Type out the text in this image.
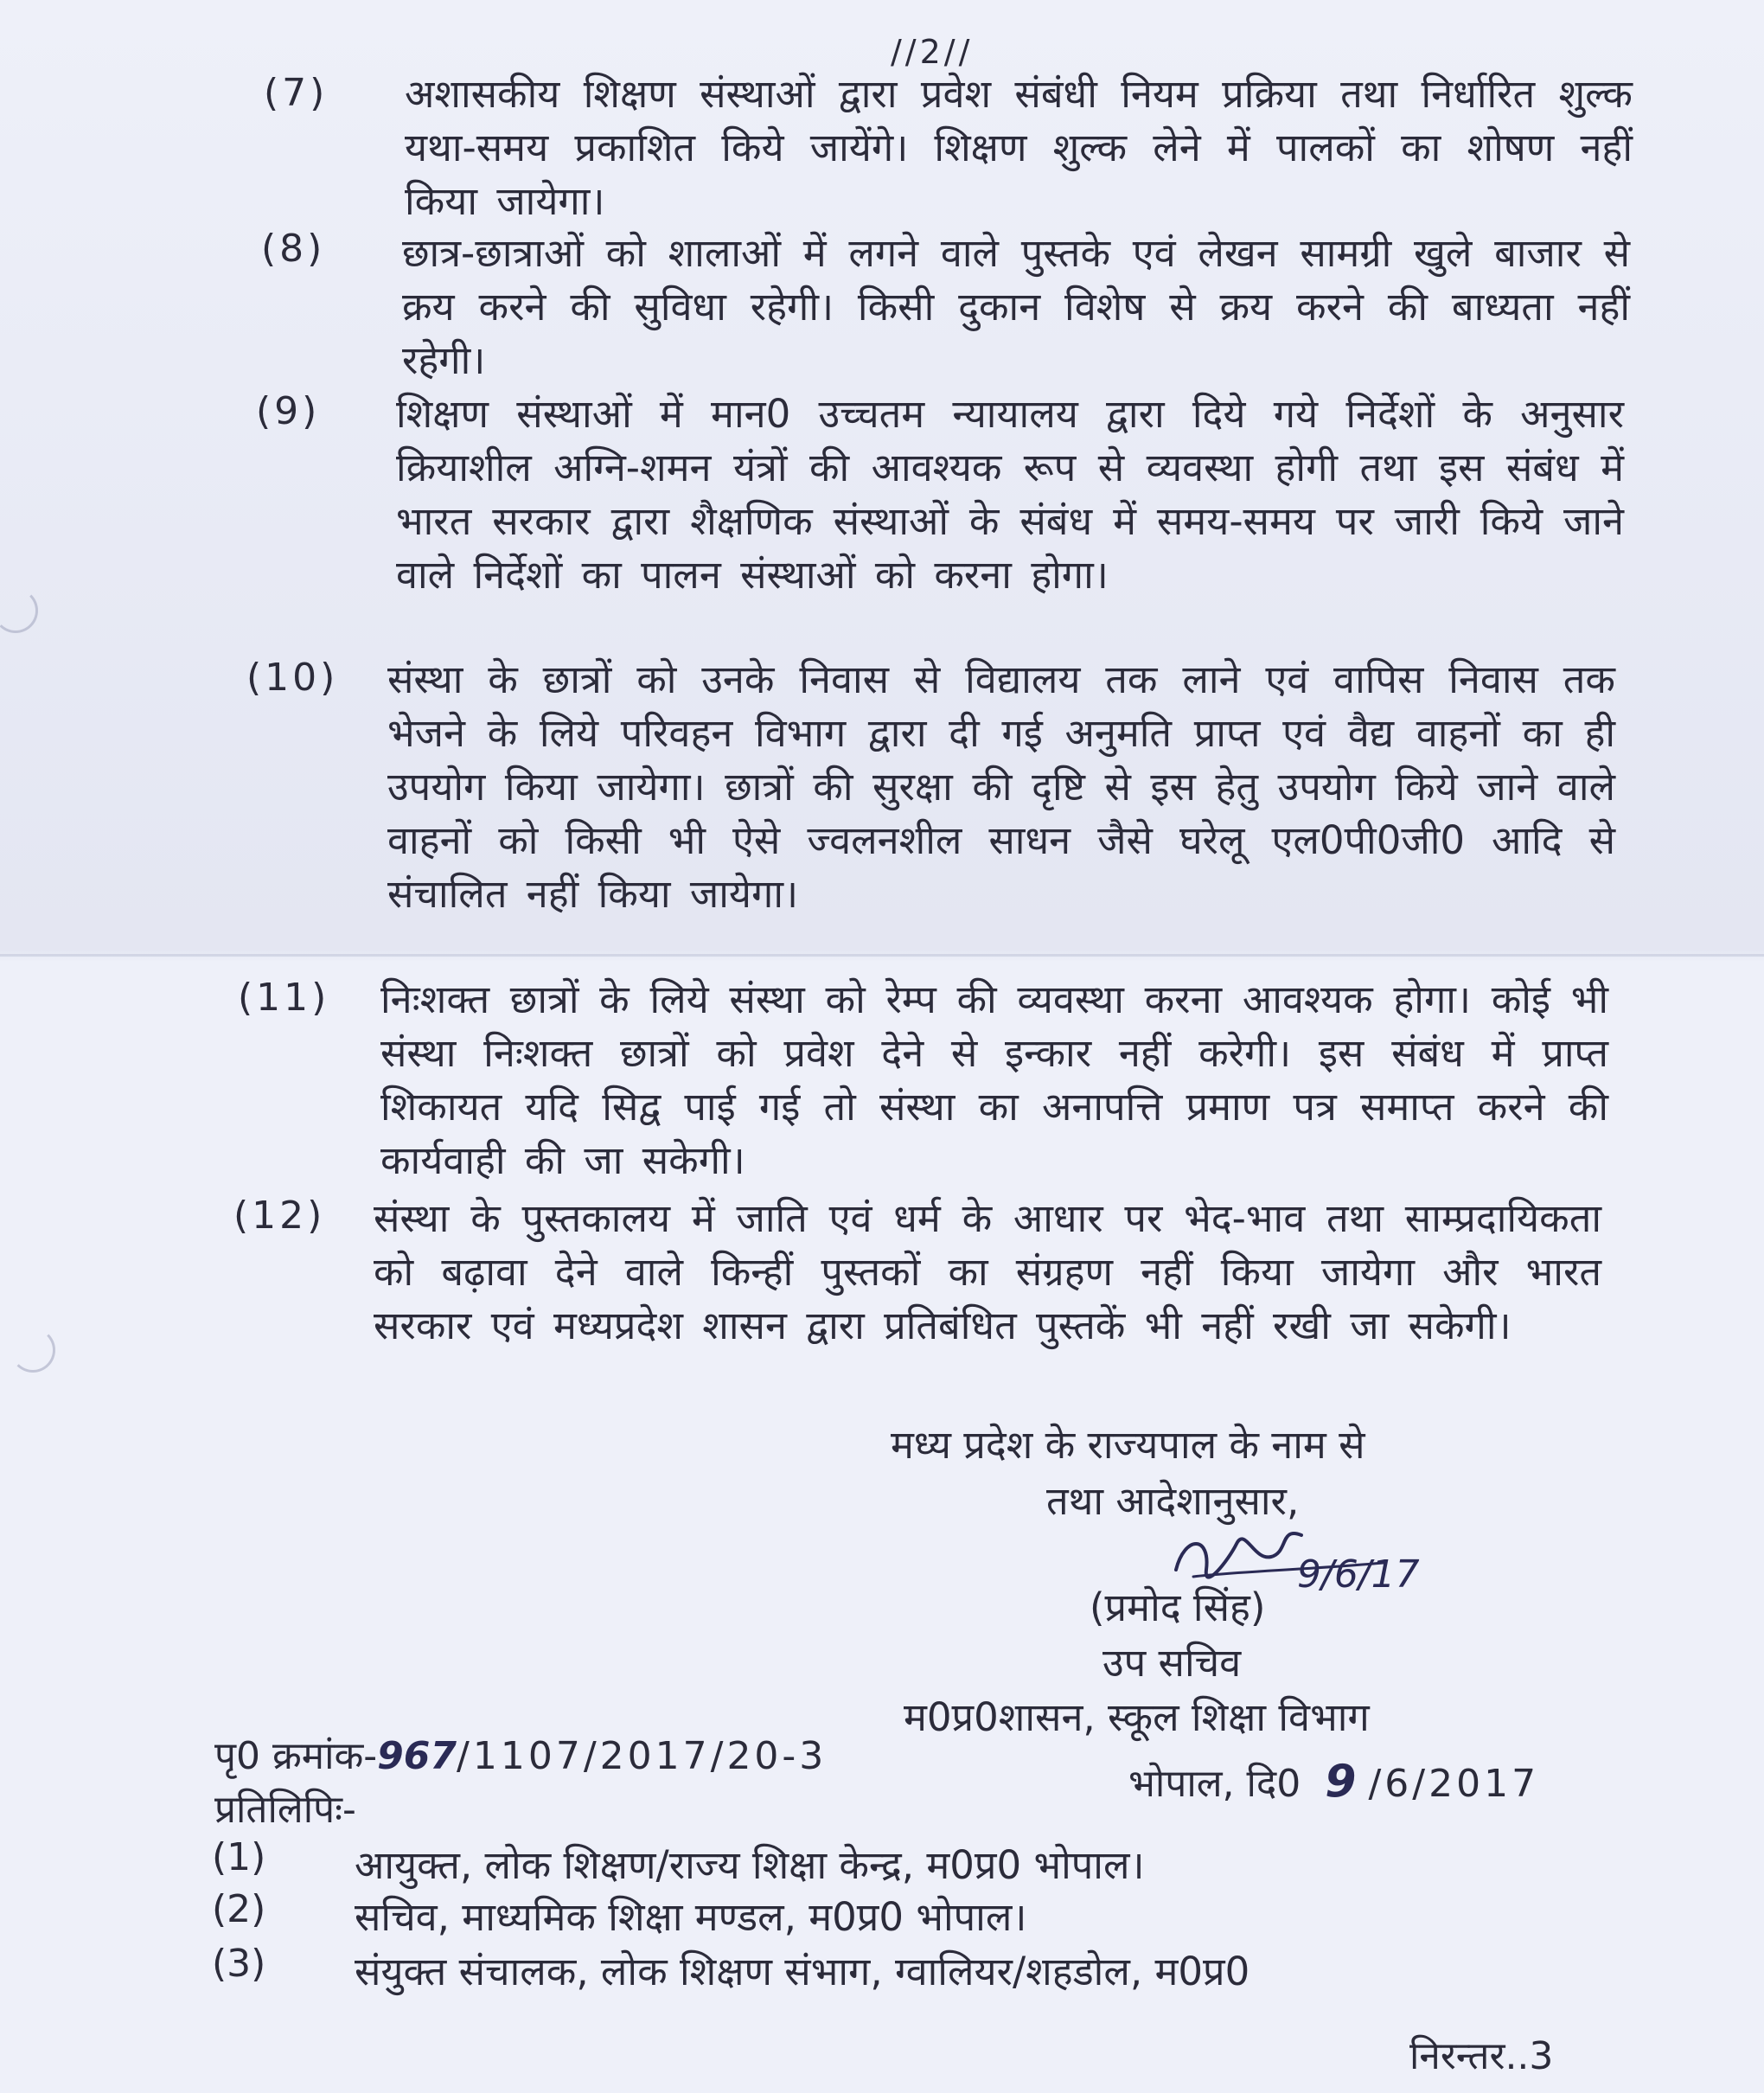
//2//
(7) अशासकीय शिक्षण संस्थाओं द्वारा प्रवेश संबंधी नियम प्रक्रिया तथा निर्धारित शुल्क यथा-समय प्रकाशित किये जायेंगे। शिक्षण शुल्क लेने में पालकों का शोषण नहीं किया जायेगा।
(8) छात्र-छात्राओं को शालाओं में लगने वाले पुस्तके एवं लेखन सामग्री खुले बाजार से क्रय करने की सुविधा रहेगी। किसी दुकान विशेष से क्रय करने की बाध्यता नहीं रहेगी।
(9) शिक्षण संस्थाओं में मान0 उच्चतम न्यायालय द्वारा दिये गये निर्देशों के अनुसार क्रियाशील अग्नि-शमन यंत्रों की आवश्यक रूप से व्यवस्था होगी तथा इस संबंध में भारत सरकार द्वारा शैक्षणिक संस्थाओं के संबंध में समय-समय पर जारी किये जाने वाले निर्देशों का पालन संस्थाओं को करना होगा।
(10) संस्था के छात्रों को उनके निवास से विद्यालय तक लाने एवं वापिस निवास तक भेजने के लिये परिवहन विभाग द्वारा दी गई अनुमति प्राप्त एवं वैद्य वाहनों का ही उपयोग किया जायेगा। छात्रों की सुरक्षा की दृष्टि से इस हेतु उपयोग किये जाने वाले वाहनों को किसी भी ऐसे ज्वलनशील साधन जैसे घरेलू एल0पी0जी0 आदि से संचालित नहीं किया जायेगा।
(11) निःशक्त छात्रों के लिये संस्था को रेम्प की व्यवस्था करना आवश्यक होगा। कोई भी संस्था निःशक्त छात्रों को प्रवेश देने से इन्कार नहीं करेगी। इस संबंध में प्राप्त शिकायत यदि सिद्व पाई गई तो संस्था का अनापत्ति प्रमाण पत्र समाप्त करने की कार्यवाही की जा सकेगी।
(12) संस्था के पुस्तकालय में जाति एवं धर्म के आधार पर भेद-भाव तथा साम्प्रदायिकता को बढ़ावा देने वाले किन्हीं पुस्तकों का संग्रहण नहीं किया जायेगा और भारत सरकार एवं मध्यप्रदेश शासन द्वारा प्रतिबंधित पुस्तकें भी नहीं रखी जा सकेगी।
मध्य प्रदेश के राज्यपाल के नाम से
तथा आदेशानुसार,
9/6/17
(प्रमोद सिंह)
उप सचिव
म0प्र0शासन, स्कूल शिक्षा विभाग
पृ0 क्रमांक-967/1107/2017/20-3
भोपाल, दि0 9 /6/2017
प्रतिलिपिः-
(1) आयुक्त, लोक शिक्षण/राज्य शिक्षा केन्द्र, म0प्र0 भोपाल।
(2) सचिव, माध्यमिक शिक्षा मण्डल, म0प्र0 भोपाल।
(3) संयुक्त संचालक, लोक शिक्षण संभाग, ग्वालियर/शहडोल, म0प्र0
निरन्तर..3
